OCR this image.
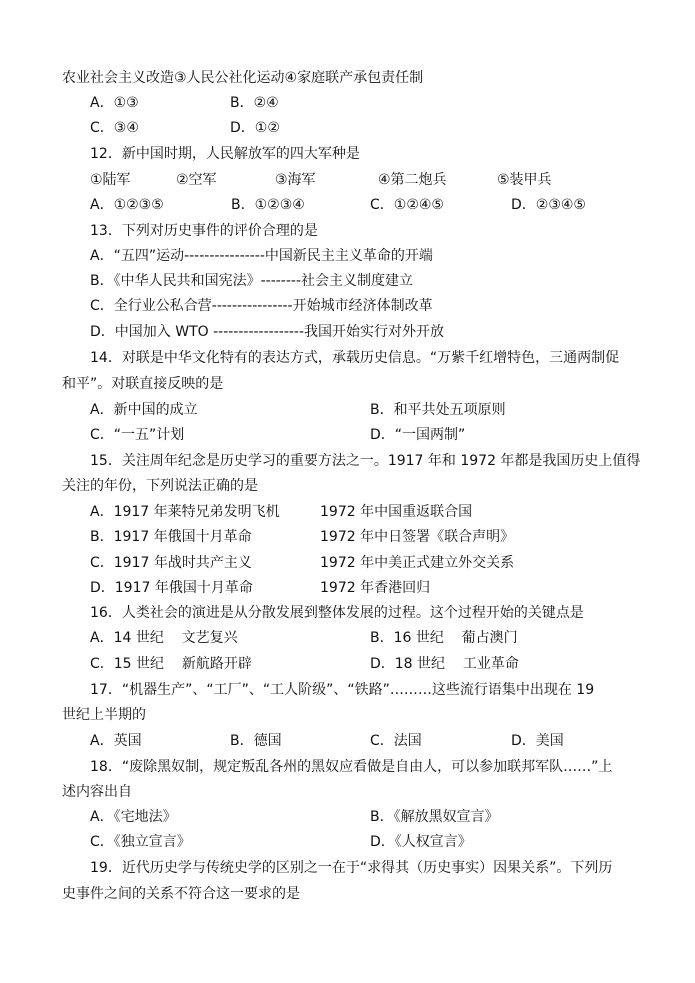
农业社会主义改造③人民公社化运动④家庭联产承包责任制
A．①③	B．②④
C．③④	D．①②
12．新中国时期，人民解放军的四大军种是
①陆军	②空军	③海军	④第二炮兵	⑤装甲兵
A．①②③⑤	B．①②③④	C．①②④⑤	D．②③④⑤
13．下列对历史事件的评价合理的是
A．“五四”运动----------------中国新民主主义革命的开端
B．《中华人民共和国宪法》--------社会主义制度建立
C．全行业公私合营----------------开始城市经济体制改革
D．中国加入 WTO ------------------我国开始实行对外开放
14．对联是中华文化特有的表达方式，承载历史信息。“万紫千红增特色，三通两制促
和平”。对联直接反映的是
A．新中国的成立	B．和平共处五项原则
C．“一五”计划	D．“一国两制”
15．关注周年纪念是历史学习的重要方法之一。1917 年和 1972 年都是我国历史上值得
关注的年份，下列说法正确的是
A．1917 年莱特兄弟发明飞机	1972 年中国重返联合国
B．1917 年俄国十月革命	1972 年中日签署《联合声明》
C．1917 年战时共产主义	1972 年中美正式建立外交关系
D．1917 年俄国十月革命	1972 年香港回归
16．人类社会的演进是从分散发展到整体发展的过程。这个过程开始的关键点是
A．14 世纪    文艺复兴	B．16 世纪    葡占澳门
C．15 世纪    新航路开辟	D．18 世纪    工业革命
17．“机器生产”、“工厂”、“工人阶级”、“铁路”………这些流行语集中出现在 19
世纪上半期的
A．英国	B．德国	C．法国	D．美国
18．“废除黑奴制，规定叛乱各州的黑奴应看做是自由人，可以参加联邦军队……”上
述内容出自
A．《宅地法》	B．《解放黑奴宣言》
C．《独立宣言》	D．《人权宣言》
19．近代历史学与传统史学的区别之一在于“求得其（历史事实）因果关系”。下列历
史事件之间的关系不符合这一要求的是
